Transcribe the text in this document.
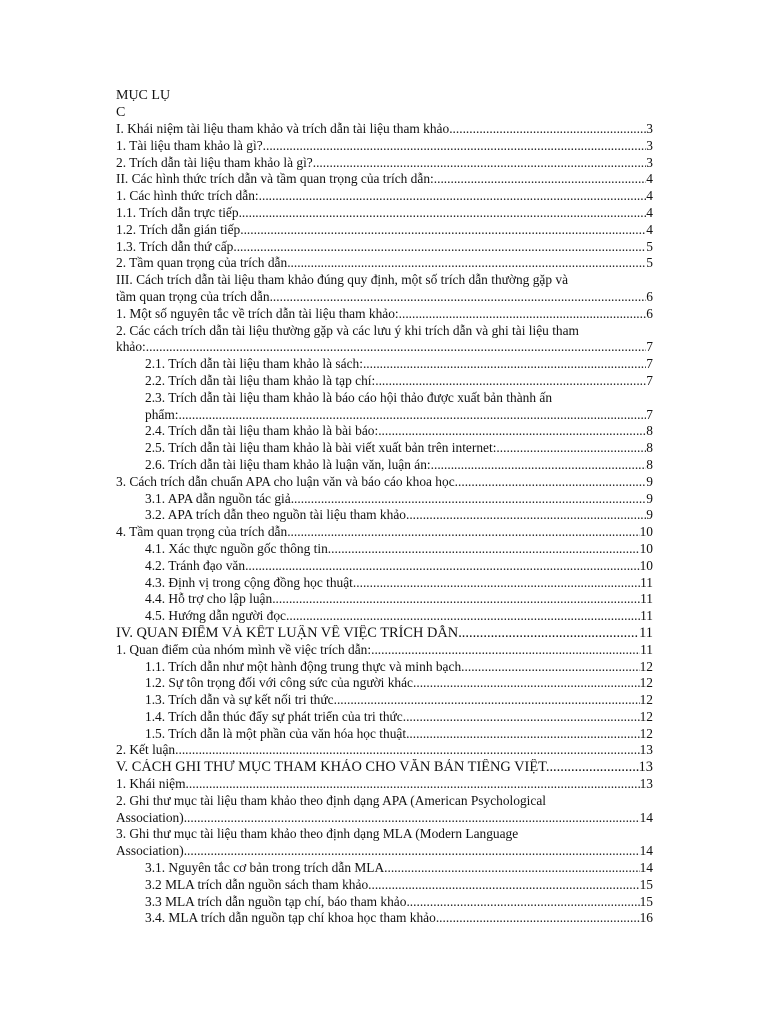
MỤC LỤ
C
I. Khái niệm tài liệu tham khảo và trích dẫn tài liệu tham khảo .....	3
1. Tài liệu tham khảo là gì? .....	3
2. Trích dẫn tài liệu tham khảo là gì? .....	3
II. Các hình thức trích dẫn và tầm quan trọng của trích dẫn: .....	4
1. Các hình thức trích dẫn: .....	4
1.1. Trích dẫn trực tiếp .....	4
1.2. Trích dẫn gián tiếp .....	4
1.3. Trích dẫn thứ cấp .....	5
2. Tầm quan trọng của trích dẫn .....	5
III. Cách trích dẫn tài liệu tham khảo đúng quy định, một số trích dẫn thường gặp và
tầm quan trọng của trích dẫn .....	6
1. Một số nguyên tắc về trích dẫn tài liệu tham khảo: .....	6
2. Các cách trích dẫn tài liệu thường gặp và các lưu ý khi trích dẫn và ghi tài liệu tham
khảo: .....	7
2.1. Trích dẫn tài liệu tham khảo là sách: .....	7
2.2. Trích dẫn tài liệu tham khảo là tạp chí: .....	7
2.3. Trích dẫn tài liệu tham khảo là báo cáo hội thảo được xuất bản thành ấn
phẩm: .....	7
2.4. Trích dẫn tài liệu tham khảo là bài báo: .....	8
2.5. Trích dẫn tài liệu tham khảo là bài viết xuất bản trên internet: .....	8
2.6. Trích dẫn tài liệu tham khảo là luận văn, luận án: .....	8
3. Cách trích dẫn chuẩn APA cho luận văn và báo cáo khoa học .....	9
3.1. APA dẫn nguồn tác giả .....	9
3.2. APA trích dẫn theo nguồn tài liệu tham khảo .....	9
4. Tầm quan trọng của trích dẫn .....	10
4.1. Xác thực nguồn gốc thông tin .....	10
4.2. Tránh đạo văn .....	10
4.3. Định vị trong cộng đồng học thuật .....	11
4.4. Hỗ trợ cho lập luận .....	11
4.5. Hướng dẫn người đọc .....	11
IV. QUAN ĐIỂM VÀ KẾT LUẬN VỀ VIỆC TRÍCH DẪN .....	11
1. Quan điểm của nhóm mình về việc trích dẫn: .....	11
1.1. Trích dẫn như một hành động trung thực và minh bạch .....	12
1.2. Sự tôn trọng đối với công sức của người khác .....	12
1.3. Trích dẫn và sự kết nối tri thức .....	12
1.4. Trích dẫn thúc đẩy sự phát triển của tri thức .....	12
1.5. Trích dẫn là một phần của văn hóa học thuật .....	12
2. Kết luận .....	13
V. CÁCH GHI THƯ MỤC THAM KHẢO CHO VĂN BẢN TIẾNG VIỆT .....	13
1. Khái niệm .....	13
2. Ghi thư mục tài liệu tham khảo theo định dạng APA (American Psychological
Association) .....	14
3. Ghi thư mục tài liệu tham khảo theo định dạng MLA (Modern Language
Association) .....	14
3.1. Nguyên tắc cơ bản trong trích dẫn MLA .....	14
3.2 MLA trích dẫn nguồn sách tham khảo .....	15
3.3 MLA trích dẫn nguồn tạp chí, báo tham khảo .....	15
3.4. MLA trích dẫn nguồn tạp chí khoa học tham khảo .....	16
